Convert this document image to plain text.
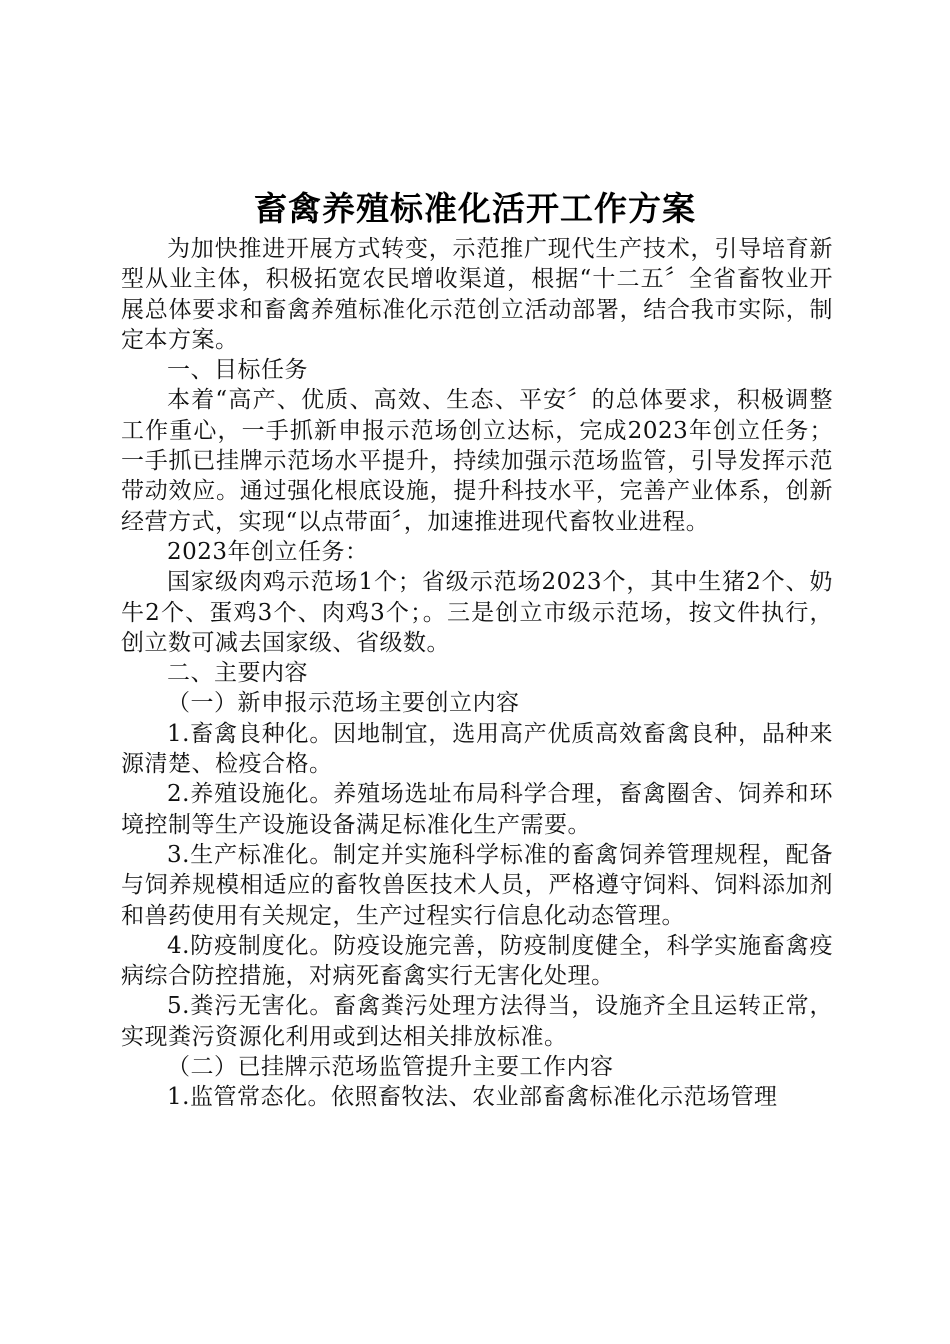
畜禽养殖标准化活开工作方案

为加快推进开展方式转变，示范推广现代生产技术，引导培育新型从业主体，积极拓宽农民增收渠道，根据“十二五〞全省畜牧业开展总体要求和畜禽养殖标准化示范创立活动部署，结合我市实际，制定本方案。

一、目标任务

本着“高产、优质、高效、生态、平安〞的总体要求，积极调整工作重心，一手抓新申报示范场创立达标，完成2023年创立任务；一手抓已挂牌示范场水平提升，持续加强示范场监管，引导发挥示范带动效应。通过强化根底设施，提升科技水平，完善产业体系，创新经营方式，实现“以点带面〞，加速推进现代畜牧业进程。

2023年创立任务：

国家级肉鸡示范场1个；省级示范场2023个，其中生猪2个、奶牛2个、蛋鸡3个、肉鸡3个；。三是创立市级示范场，按文件执行，创立数可减去国家级、省级数。

二、主要内容

（一）新申报示范场主要创立内容

1.畜禽良种化。因地制宜，选用高产优质高效畜禽良种，品种来源清楚、检疫合格。

2.养殖设施化。养殖场选址布局科学合理，畜禽圈舍、饲养和环境控制等生产设施设备满足标准化生产需要。

3.生产标准化。制定并实施科学标准的畜禽饲养管理规程，配备与饲养规模相适应的畜牧兽医技术人员，严格遵守饲料、饲料添加剂和兽药使用有关规定，生产过程实行信息化动态管理。

4.防疫制度化。防疫设施完善，防疫制度健全，科学实施畜禽疫病综合防控措施，对病死畜禽实行无害化处理。

5.粪污无害化。畜禽粪污处理方法得当，设施齐全且运转正常，实现粪污资源化利用或到达相关排放标准。

（二）已挂牌示范场监管提升主要工作内容

1.监管常态化。依照畜牧法、农业部畜禽标准化示范场管理
